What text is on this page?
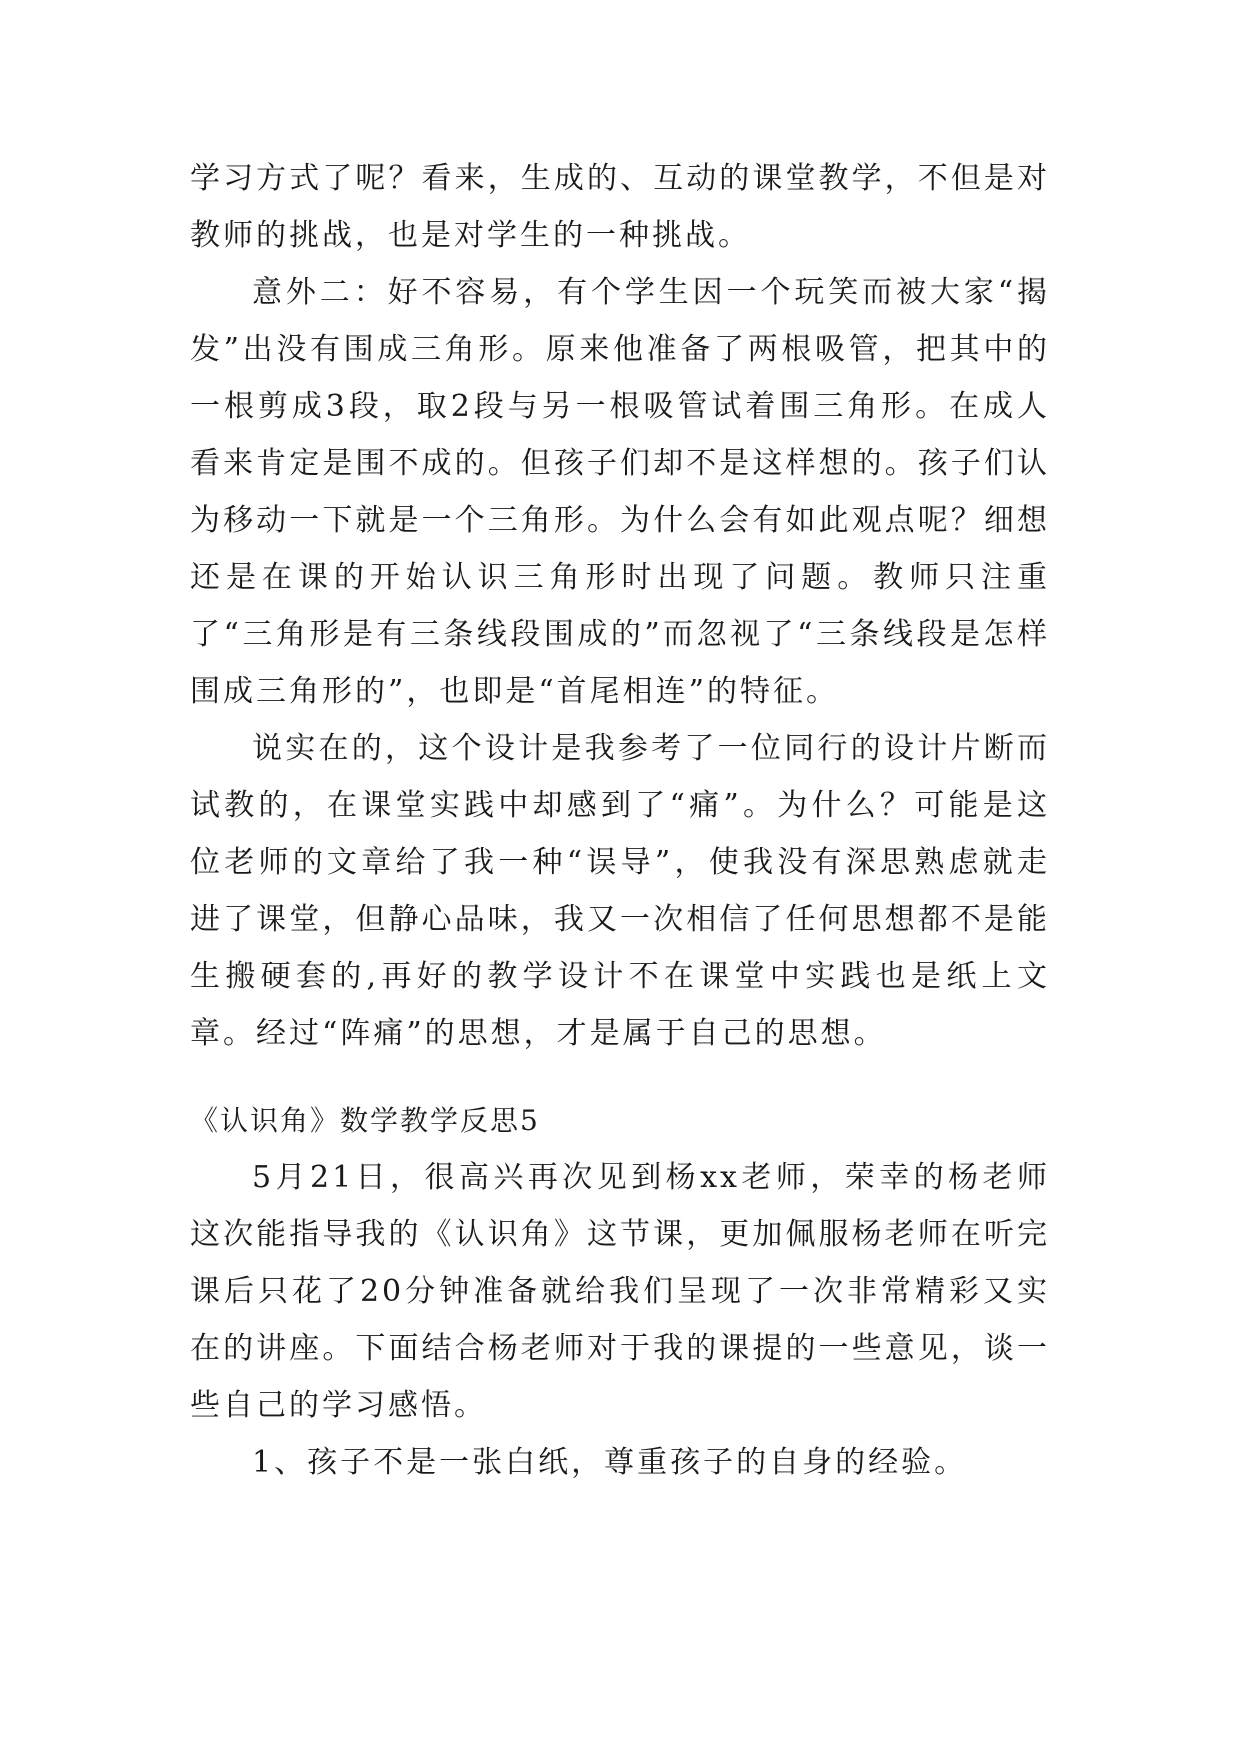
学习方式了呢？看来，生成的、互动的课堂教学，不但是对教师的挑战，也是对学生的一种挑战。

意外二：好不容易，有个学生因一个玩笑而被大家“揭发”出没有围成三角形。原来他准备了两根吸管，把其中的一根剪成3段，取2段与另一根吸管试着围三角形。在成人看来肯定是围不成的。但孩子们却不是这样想的。孩子们认为移动一下就是一个三角形。为什么会有如此观点呢？细想还是在课的开始认识三角形时出现了问题。教师只注重了“三角形是有三条线段围成的”而忽视了“三条线段是怎样围成三角形的”，也即是“首尾相连”的特征。

说实在的，这个设计是我参考了一位同行的设计片断而试教的，在课堂实践中却感到了“痛”。为什么？可能是这位老师的文章给了我一种“误导”，使我没有深思熟虑就走进了课堂，但静心品味，我又一次相信了任何思想都不是能生搬硬套的,再好的教学设计不在课堂中实践也是纸上文章。经过“阵痛”的思想，才是属于自己的思想。

《认识角》数学教学反思5

5月21日，很高兴再次见到杨xx老师，荣幸的杨老师这次能指导我的《认识角》这节课，更加佩服杨老师在听完课后只花了20分钟准备就给我们呈现了一次非常精彩又实在的讲座。下面结合杨老师对于我的课提的一些意见，谈一些自己的学习感悟。

1、孩子不是一张白纸，尊重孩子的自身的经验。
